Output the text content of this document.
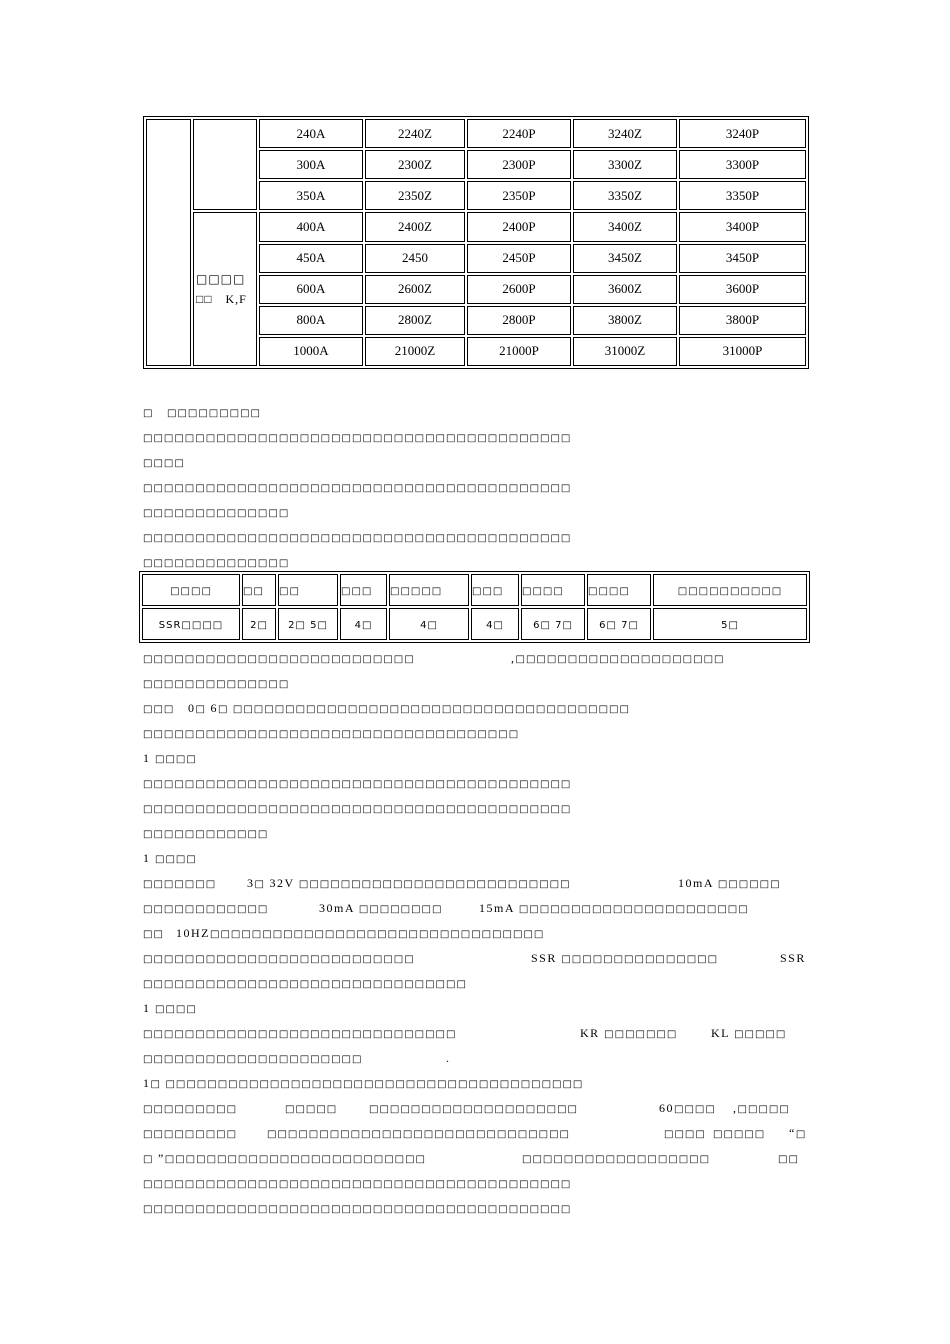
		240A	2240Z	2240P	3240Z	3240P
		300A	2300Z	2300P	3300Z	3300P
		350A	2350Z	2350P	3350Z	3350P

	□□□□
□□　K,F	400A	2400Z	2400P	3400Z	3400P
		450A	2450	2450P	3450Z	3450P
		600A	2600Z	2600P	3600Z	3600P
		800A	2800Z	2800P	3800Z	3800P
		1000A	21000Z	21000P	31000Z	31000P
□□□□	□□	□□	□□□	□□□□□	□□□	□□□□	□□□□	□□□□□□□□□□
SSR□□□□	2□	2□ 5□	4□	4□	4□	6□ 7□	6□ 7□	5□
□　 □□□□□□□□□
□□□□□□□□□□□□□□□□□□□□□□□□□□□□□□□□□□□□□□□□□
□□□□
□□□□□□□□□□□□□□□□□□□□□□□□□□□□□□□□□□□□□□□□□
□□□□□□□□□□□□□□
□□□□□□□□□□□□□□□□□□□□□□□□□□□□□□□□□□□□□□□□□
□□□□□□□□□□□□□□
□□□□□□□□□□□□□□□□□□□□□□□□□□	,□□□□□□□□□□□□□□□□□□□□
□□□□□□□□□□□□□□
□□□ 0□ 6□ □□□□□□□□□□□□□□□□□□□□□□□□□□□□□□□□□□□□□□
□□□□□□□□□□□□□□□□□□□□□□□□□□□□□□□□□□□□
1 □□□□
□□□□□□□□□□□□□□□□□□□□□□□□□□□□□□□□□□□□□□□□□
□□□□□□□□□□□□□□□□□□□□□□□□□□□□□□□□□□□□□□□□□
□□□□□□□□□□□□
1 □□□□
□□□□□□□	3□ 32V □□□□□□□□□□□□□□□□□□□□□□□□□□	10mA □□□□□□
□□□□□□□□□□□□	30mA □□□□□□□□	15mA □□□□□□□□□□□□□□□□□□□□□□
□□ 10HZ□□□□□□□□□□□□□□□□□□□□□□□□□□□□□□□□
□□□□□□□□□□□□□□□□□□□□□□□□□□	SSR □□□□□□□□□□□□□□□	SSR
□□□□□□□□□□□□□□□□□□□□□□□□□□□□□□□
1 □□□□
□□□□□□□□□□□□□□□□□□□□□□□□□□□□□□	KR □□□□□□□	KL □□□□□
□□□□□□□□□□□□□□□□□□□□□	.
1□ □□□□□□□□□□□□□□□□□□□□□□□□□□□□□□□□□□□□□□□□
□□□□□□□□□	□□□□□	□□□□□□□□□□□□□□□□□□□□	60□□□□ ,□□□□□
□□□□□□□□□	□□□□□□□□□□□□□□□□□□□□□□□□□□□□□	□□□□ □□□□□ “□
□ ”□□□□□□□□□□□□□□□□□□□□□□□□□	□□□□□□□□□□□□□□□□□□	□□
□□□□□□□□□□□□□□□□□□□□□□□□□□□□□□□□□□□□□□□□□
□□□□□□□□□□□□□□□□□□□□□□□□□□□□□□□□□□□□□□□□□
